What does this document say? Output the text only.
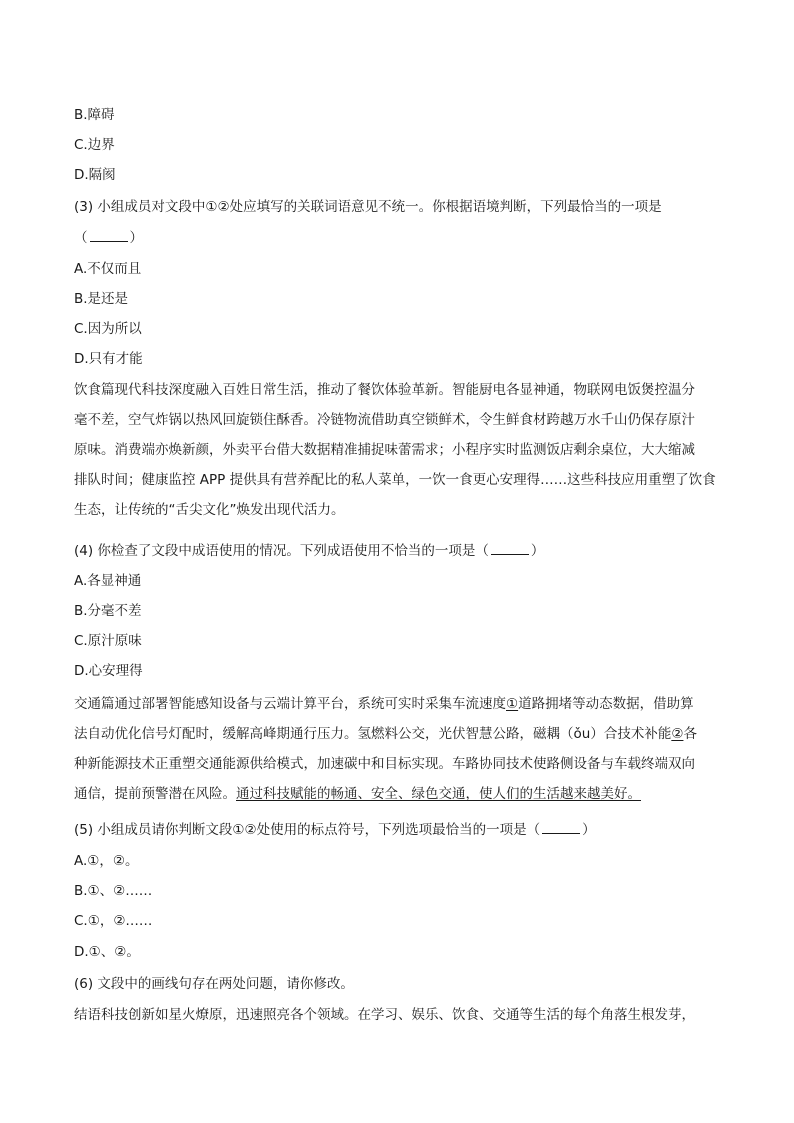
B.障碍
C.边界
D.隔阂
(3) 小组成员对文段中①②处应填写的关联词语意见不统一。你根据语境判断，下列最恰当的一项是
（	）
A.不仅而且
B.是还是
C.因为所以
D.只有才能
饮食篇现代科技深度融入百姓日常生活，推动了餐饮体验革新。智能厨电各显神通，物联网电饭煲控温分
毫不差，空气炸锅以热风回旋锁住酥香。冷链物流借助真空锁鲜术，令生鲜食材跨越万水千山仍保存原汁
原味。消费端亦焕新颜，外卖平台借大数据精准捕捉味蕾需求；小程序实时监测饭店剩余桌位，大大缩减
排队时间；健康监控 APP 提供具有营养配比的私人菜单，一饮一食更心安理得……这些科技应用重塑了饮食
生态，让传统的“舌尖文化”焕发出现代活力。
(4) 你检查了文段中成语使用的情况。下列成语使用不恰当的一项是（	）
A.各显神通
B.分毫不差
C.原汁原味
D.心安理得
交通篇通过部署智能感知设备与云端计算平台，系统可实时采集车流速度①道路拥堵等动态数据，借助算
法自动优化信号灯配时，缓解高峰期通行压力。氢燃料公交，光伏智慧公路，磁耦（ǒu）合技术补能②各
种新能源技术正重塑交通能源供给模式，加速碳中和目标实现。车路协同技术使路侧设备与车载终端双向
通信，提前预警潜在风险。通过科技赋能的畅通、安全、绿色交通，使人们的生活越来越美好。
(5) 小组成员请你判断文段①②处使用的标点符号，下列选项最恰当的一项是（	）
A.①，②。
B.①、②……
C.①，②……
D.①、②。
(6) 文段中的画线句存在两处问题，请你修改。
结语科技创新如星火燎原，迅速照亮各个领域。在学习、娱乐、饮食、交通等生活的每个角落生根发芽，
